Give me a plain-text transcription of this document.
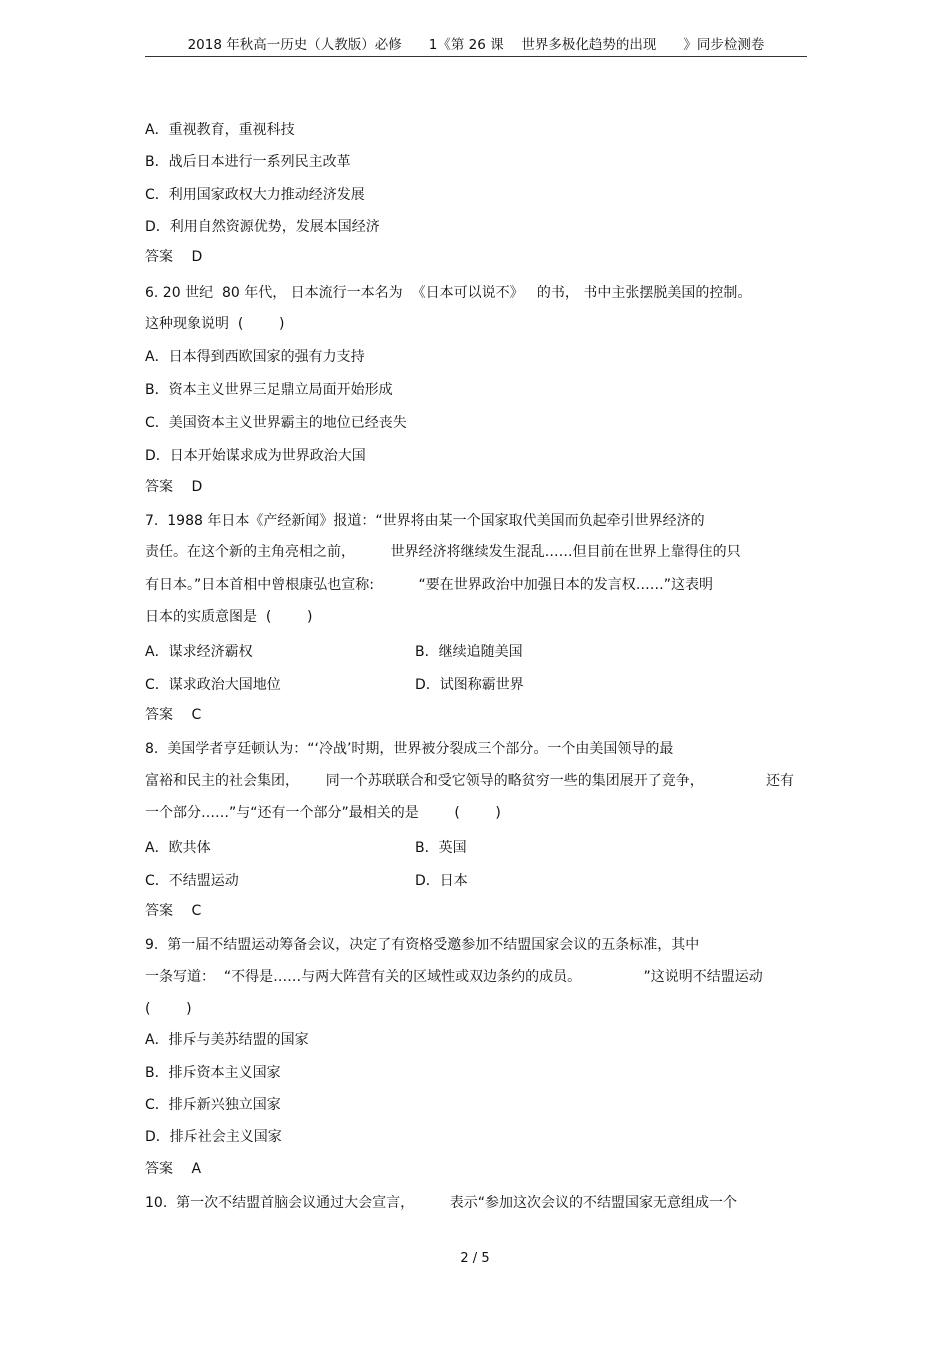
2018 年秋高一历史（人教版）必修　　1《第 26 课　 世界多极化趋势的出现　　》同步检测卷
A．重视教育，重视科技
B．战后日本进行一系列民主改革
C．利用国家政权大力推动经济发展
D．利用自然资源优势，发展本国经济
答案　 D
6. 20 世纪  80 年代， 日本流行一本名为  《日本可以说不》   的书， 书中主张摆脱美国的控制。
这种现象说明  (        )
A．日本得到西欧国家的强有力支持
B．资本主义世界三足鼎立局面开始形成
C．美国资本主义世界霸主的地位已经丧失
D．日本开始谋求成为世界政治大国
答案　 D
7.  1988 年日本《产经新闻》报道：“世界将由某一个国家取代美国而负起牵引世界经济的
责任。在这个新的主角亮相之前，        世界经济将继续发生混乱……但目前在世界上靠得住的只
有日本。”日本首相中曾根康弘也宣称:          “要在世界政治中加强日本的发言权……”这表明
日本的实质意图是  (        )
A．谋求经济霸权	B．继续追随美国
C．谋求政治大国地位	D．试图称霸世界
答案　 C
8.  美国学者亨廷顿认为：“‘冷战’时期，世界被分裂成三个部分。一个由美国领导的最
富裕和民主的社会集团，      同一个苏联联合和受它领导的略贫穷一些的集团展开了竞争，              还有
一个部分……”与“还有一个部分”最相关的是        (        )
A．欧共体	B．英国
C．不结盟运动	D．日本
答案　 C
9.  第一届不结盟运动筹备会议，决定了有资格受邀参加不结盟国家会议的五条标准，其中
一条写道：  “不得是……与两大阵营有关的区域性或双边条约的成员。              ”这说明不结盟运动
(        )
A．排斥与美苏结盟的国家
B．排斥资本主义国家
C．排斥新兴独立国家
D．排斥社会主义国家
答案　 A
10.  第一次不结盟首脑会议通过大会宣言，        表示“参加这次会议的不结盟国家无意组成一个
2 / 5
